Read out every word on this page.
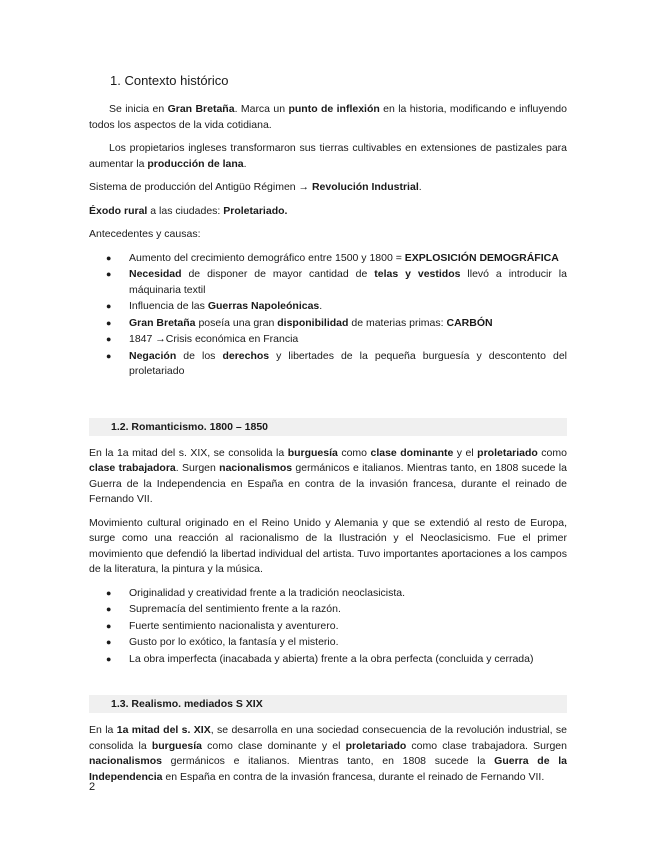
1. Contexto histórico

Se inicia en Gran Bretaña. Marca un punto de inflexión en la historia, modificando e influyendo todos los aspectos de la vida cotidiana.

Los propietarios ingleses transformaron sus tierras cultivables en extensiones de pastizales para aumentar la producción de lana.

Sistema de producción del Antigüo Régimen → Revolución Industrial.

Éxodo rural a las ciudades: Proletariado.

Antecedentes y causas:

● Aumento del crecimiento demográfico entre 1500 y 1800 = EXPLOSICIÓN DEMOGRÁFICA
● Necesidad de disponer de mayor cantidad de telas y vestidos llevó a introducir la máquinaria textil
● Influencia de las Guerras Napoleónicas.
● Gran Bretaña poseía una gran disponibilidad de materias primas: CARBÓN
● 1847 →Crisis económica en Francia
● Negación de los derechos y libertades de la pequeña burguesía y descontento del proletariado
1.2. Romanticismo. 1800 – 1850

En la 1a mitad del s. XIX, se consolida la burguesía como clase dominante y el proletariado como clase trabajadora. Surgen nacionalismos germánicos e italianos. Mientras tanto, en 1808 sucede la Guerra de la Independencia en España en contra de la invasión francesa, durante el reinado de Fernando VII.

Movimiento cultural originado en el Reino Unido y Alemania y que se extendió al resto de Europa, surge como una reacción al racionalismo de la Ilustración y el Neoclasicismo. Fue el primer movimiento que defendió la libertad individual del artista. Tuvo importantes aportaciones a los campos de la literatura, la pintura y la música.

● Originalidad y creatividad frente a la tradición neoclasicista.
● Supremacía del sentimiento frente a la razón.
● Fuerte sentimiento nacionalista y aventurero.
● Gusto por lo exótico, la fantasía y el misterio.
● La obra imperfecta (inacabada y abierta) frente a la obra perfecta (concluida y cerrada)
1.3. Realismo. mediados S XIX

En la 1a mitad del s. XIX, se desarrolla en una sociedad consecuencia de la revolución industrial, se consolida la burguesía como clase dominante y el proletariado como clase trabajadora. Surgen nacionalismos germánicos e italianos. Mientras tanto, en 1808 sucede la Guerra de la Independencia en España en contra de la invasión francesa, durante el reinado de Fernando VII.

2
